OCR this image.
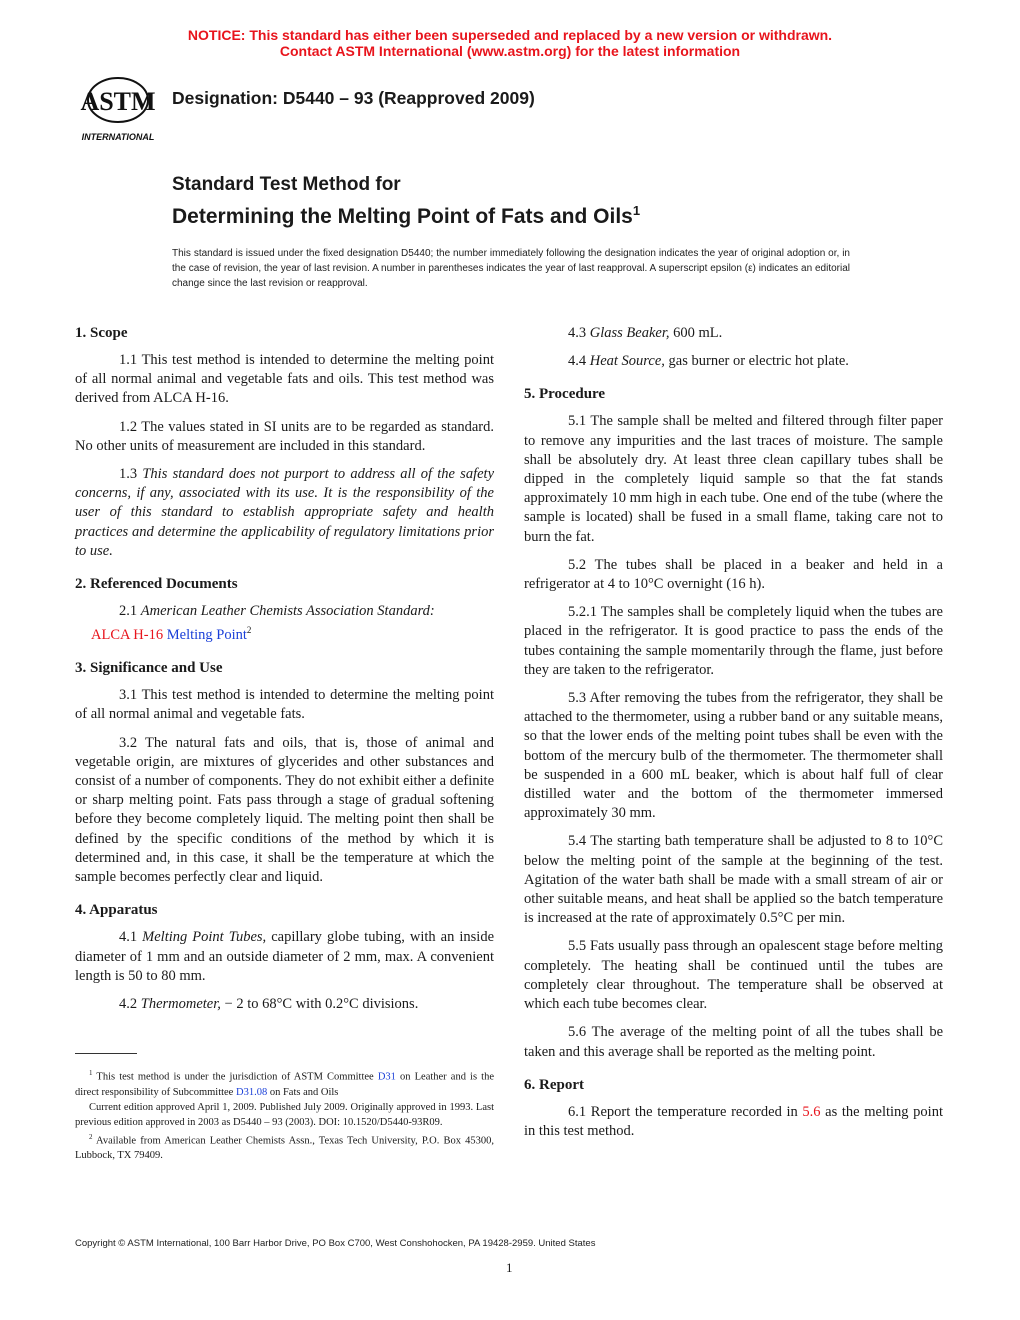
NOTICE: This standard has either been superseded and replaced by a new version or withdrawn.
Contact ASTM International (www.astm.org) for the latest information
ASTM
INTERNATIONAL
Designation: D5440 – 93 (Reapproved 2009)
Standard Test Method for
Determining the Melting Point of Fats and Oils$^1$
This standard is issued under the fixed designation D5440; the number immediately following the designation indicates the year of original adoption or, in the case of revision, the year of last revision. A number in parentheses indicates the year of last reapproval. A superscript epsilon (ε) indicates an editorial change since the last revision or reapproval.
1. Scope

1.1 This test method is intended to determine the melting point of all normal animal and vegetable fats and oils. This test method was derived from ALCA H-16.

1.2 The values stated in SI units are to be regarded as standard. No other units of measurement are included in this standard.

1.3 This standard does not purport to address all of the safety concerns, if any, associated with its use. It is the responsibility of the user of this standard to establish appropriate safety and health practices and determine the applicability of regulatory limitations prior to use.

2. Referenced Documents

2.1 American Leather Chemists Association Standard:

ALCA H-16 Melting Point$^2$

3. Significance and Use

3.1 This test method is intended to determine the melting point of all normal animal and vegetable fats.

3.2 The natural fats and oils, that is, those of animal and vegetable origin, are mixtures of glycerides and other substances and consist of a number of components. They do not exhibit either a definite or sharp melting point. Fats pass through a stage of gradual softening before they become completely liquid. The melting point then shall be defined by the specific conditions of the method by which it is determined and, in this case, it shall be the temperature at which the sample becomes perfectly clear and liquid.

4. Apparatus

4.1 Melting Point Tubes, capillary globe tubing, with an inside diameter of 1 mm and an outside diameter of 2 mm, max. A convenient length is 50 to 80 mm.

4.2 Thermometer, − 2 to 68°C with 0.2°C divisions.

$^1$ This test method is under the jurisdiction of ASTM Committee D31 on Leather and is the direct responsibility of Subcommittee D31.08 on Fats and Oils

Current edition approved April 1, 2009. Published July 2009. Originally approved in 1993. Last previous edition approved in 2003 as D5440 – 93 (2003). DOI: 10.1520/D5440-93R09.

$^2$ Available from American Leather Chemists Assn., Texas Tech University, P.O. Box 45300, Lubbock, TX 79409.

4.3 Glass Beaker, 600 mL.

4.4 Heat Source, gas burner or electric hot plate.

5. Procedure

5.1 The sample shall be melted and filtered through filter paper to remove any impurities and the last traces of moisture. The sample shall be absolutely dry. At least three clean capillary tubes shall be dipped in the completely liquid sample so that the fat stands approximately 10 mm high in each tube. One end of the tube (where the sample is located) shall be fused in a small flame, taking care not to burn the fat.

5.2 The tubes shall be placed in a beaker and held in a refrigerator at 4 to 10°C overnight (16 h).

5.2.1 The samples shall be completely liquid when the tubes are placed in the refrigerator. It is good practice to pass the ends of the tubes containing the sample momentarily through the flame, just before they are taken to the refrigerator.

5.3 After removing the tubes from the refrigerator, they shall be attached to the thermometer, using a rubber band or any suitable means, so that the lower ends of the melting point tubes shall be even with the bottom of the mercury bulb of the thermometer. The thermometer shall be suspended in a 600 mL beaker, which is about half full of clear distilled water and the bottom of the thermometer immersed approximately 30 mm.

5.4 The starting bath temperature shall be adjusted to 8 to 10°C below the melting point of the sample at the beginning of the test. Agitation of the water bath shall be made with a small stream of air or other suitable means, and heat shall be applied so the batch temperature is increased at the rate of approximately 0.5°C per min.

5.5 Fats usually pass through an opalescent stage before melting completely. The heating shall be continued until the tubes are completely clear throughout. The temperature shall be observed at which each tube becomes clear.

5.6 The average of the melting point of all the tubes shall be taken and this average shall be reported as the melting point.

6. Report

6.1 Report the temperature recorded in 5.6 as the melting point in this test method.

Copyright © ASTM International, 100 Barr Harbor Drive, PO Box C700, West Conshohocken, PA 19428-2959. United States
1
